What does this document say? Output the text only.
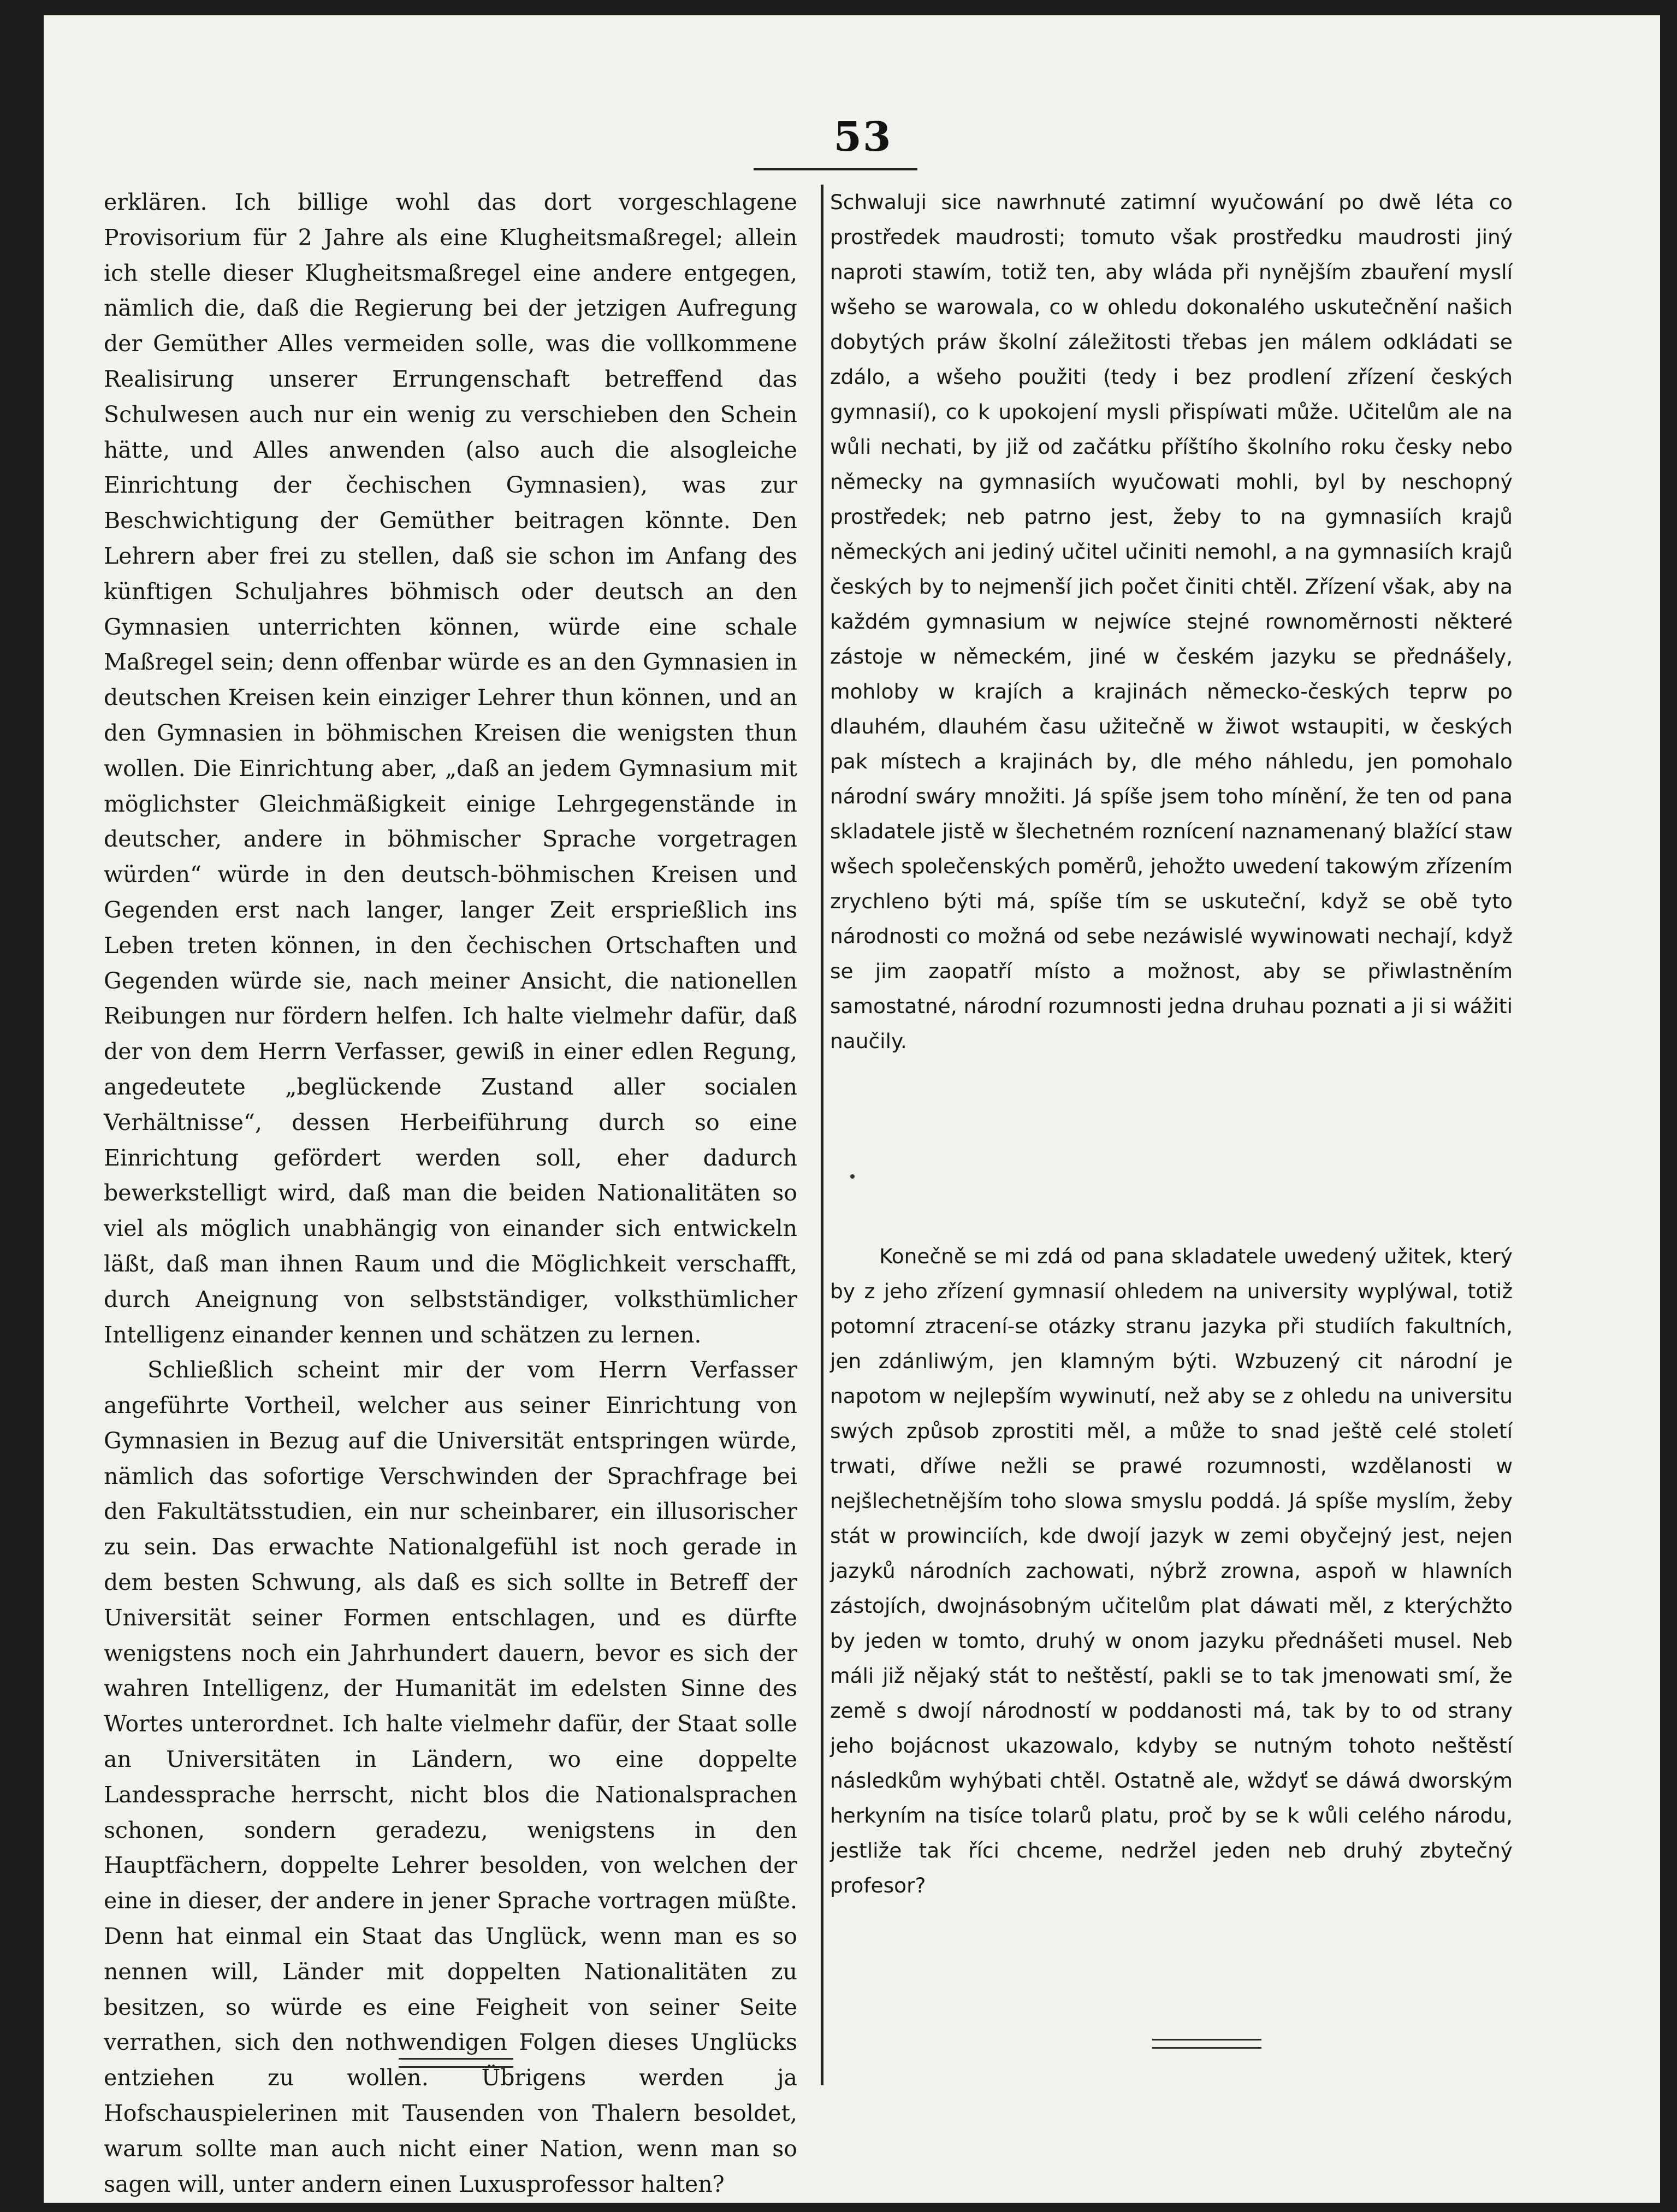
53

erklären. Ich billige wohl das dort vorgeschlagene Provisorium für 2 Jahre als eine Klugheitsmaßregel; allein ich stelle dieser Klugheitsmaßregel eine andere entgegen, nämlich die, daß die Regierung bei der jetzigen Aufregung der Gemüther Alles vermeiden solle, was die vollkommene Realisirung unserer Errungenschaft betreffend das Schulwesen auch nur ein wenig zu verschieben den Schein hätte, und Alles anwenden (also auch die alsogleiche Einrichtung der čechischen Gymnasien), was zur Beschwichtigung der Gemüther beitragen könnte. Den Lehrern aber frei zu stellen, daß sie schon im Anfang des künftigen Schuljahres böhmisch oder deutsch an den Gymnasien unterrichten können, würde eine schale Maßregel sein; denn offenbar würde es an den Gymnasien in deutschen Kreisen kein einziger Lehrer thun können, und an den Gymnasien in böhmischen Kreisen die wenigsten thun wollen. Die Einrichtung aber, „daß an jedem Gymnasium mit möglichster Gleichmäßigkeit einige Lehrgegenstände in deutscher, andere in böhmischer Sprache vorgetragen würden“ würde in den deutsch-böhmischen Kreisen und Gegenden erst nach langer, langer Zeit ersprießlich ins Leben treten können, in den čechischen Ortschaften und Gegenden würde sie, nach meiner Ansicht, die nationellen Reibungen nur fördern helfen. Ich halte vielmehr dafür, daß der von dem Herrn Verfasser, gewiß in einer edlen Regung, angedeutete „beglückende Zustand aller socialen Verhältnisse“, dessen Herbeiführung durch so eine Einrichtung gefördert werden soll, eher dadurch bewerkstelligt wird, daß man die beiden Nationalitäten so viel als möglich unabhängig von einander sich entwickeln läßt, daß man ihnen Raum und die Möglichkeit verschafft, durch Aneignung von selbstständiger, volksthümlicher Intelligenz einander kennen und schätzen zu lernen.

Schließlich scheint mir der vom Herrn Verfasser angeführte Vortheil, welcher aus seiner Einrichtung von Gymnasien in Bezug auf die Universität entspringen würde, nämlich das sofortige Verschwinden der Sprachfrage bei den Fakultätsstudien, ein nur scheinbarer, ein illusorischer zu sein. Das erwachte Nationalgefühl ist noch gerade in dem besten Schwung, als daß es sich sollte in Betreff der Universität seiner Formen entschlagen, und es dürfte wenigstens noch ein Jahrhundert dauern, bevor es sich der wahren Intelligenz, der Humanität im edelsten Sinne des Wortes unterordnet. Ich halte vielmehr dafür, der Staat solle an Universitäten in Ländern, wo eine doppelte Landessprache herrscht, nicht blos die Nationalsprachen schonen, sondern geradezu, wenigstens in den Hauptfächern, doppelte Lehrer besolden, von welchen der eine in dieser, der andere in jener Sprache vortragen müßte. Denn hat einmal ein Staat das Unglück, wenn man es so nennen will, Länder mit doppelten Nationalitäten zu besitzen, so würde es eine Feigheit von seiner Seite verrathen, sich den nothwendigen Folgen dieses Unglücks entziehen zu wollen. Übrigens werden ja Hofschauspielerinen mit Tausenden von Thalern besoldet, warum sollte man auch nicht einer Nation, wenn man so sagen will, unter andern einen Luxusprofessor halten?

Schwaluji sice nawrhnuté zatimní wyučowání po dwě léta co prostředek maudrosti; tomuto však prostředku maudrosti jiný naproti stawím, totiž ten, aby wláda při nynějším zbauření myslí wšeho se warowala, co w ohledu dokonalého uskutečnění našich dobytých práw školní záležitosti třebas jen málem odkládati se zdálo, a wšeho použiti (tedy i bez prodlení zřízení českých gymnasií), co k upokojení mysli přispíwati může. Učitelům ale na wůli nechati, by již od začátku příštího školního roku česky nebo německy na gymnasiích wyučowati mohli, byl by neschopný prostředek; neb patrno jest, žeby to na gymnasiích krajů německých ani jediný učitel učiniti nemohl, a na gymnasiích krajů českých by to nejmenší jich počet činiti chtěl. Zřízení však, aby na každém gymnasium w nejwíce stejné rownoměrnosti některé zástoje w německém, jiné w českém jazyku se přednášely, mohloby w krajích a krajinách německo-českých teprw po dlauhém, dlauhém času užitečně w žiwot wstaupiti, w českých pak místech a krajinách by, dle mého náhledu, jen pomohalo národní swáry množiti. Já spíše jsem toho mínění, že ten od pana skladatele jistě w šlechetném roznícení naznamenaný blažící staw wšech společenských poměrů, jehožto uwedení takowým zřízením zrychleno býti má, spíše tím se uskuteční, když se obě tyto národnosti co možná od sebe nezáwislé wywinowati nechají, když se jim zaopatří místo a možnost, aby se přiwlastněním samostatné, národní rozumnosti jedna druhau poznati a ji si wážiti naučily.

Konečně se mi zdá od pana skladatele uwedený užitek, který by z jeho zřízení gymnasií ohledem na university wyplýwal, totiž potomní ztracení-se otázky stranu jazyka při studiích fakultních, jen zdánliwým, jen klamným býti. Wzbuzený cit národní je napotom w nejlepším wywinutí, než aby se z ohledu na universitu swých způsob zprostiti měl, a může to snad ještě celé století trwati, dříwe nežli se prawé rozumnosti, wzdělanosti w nejšlechetnějším toho slowa smyslu poddá. Já spíše myslím, žeby stát w prowinciích, kde dwojí jazyk w zemi obyčejný jest, nejen jazyků národních zachowati, nýbrž zrowna, aspoň w hlawních zástojích, dwojnásobným učitelům plat dáwati měl, z kterýchžto by jeden w tomto, druhý w onom jazyku přednášeti musel. Neb máli již nějaký stát to neštěstí, pakli se to tak jmenowati smí, že země s dwojí národností w poddanosti má, tak by to od strany jeho bojácnost ukazowalo, kdyby se nutným tohoto neštěstí následkům wyhýbati chtěl. Ostatně ale, wždyť se dáwá dworským herkyním na tisíce tolarů platu, proč by se k wůli celého národu, jestliže tak říci chceme, nedržel jeden neb druhý zbytečný profesor?
